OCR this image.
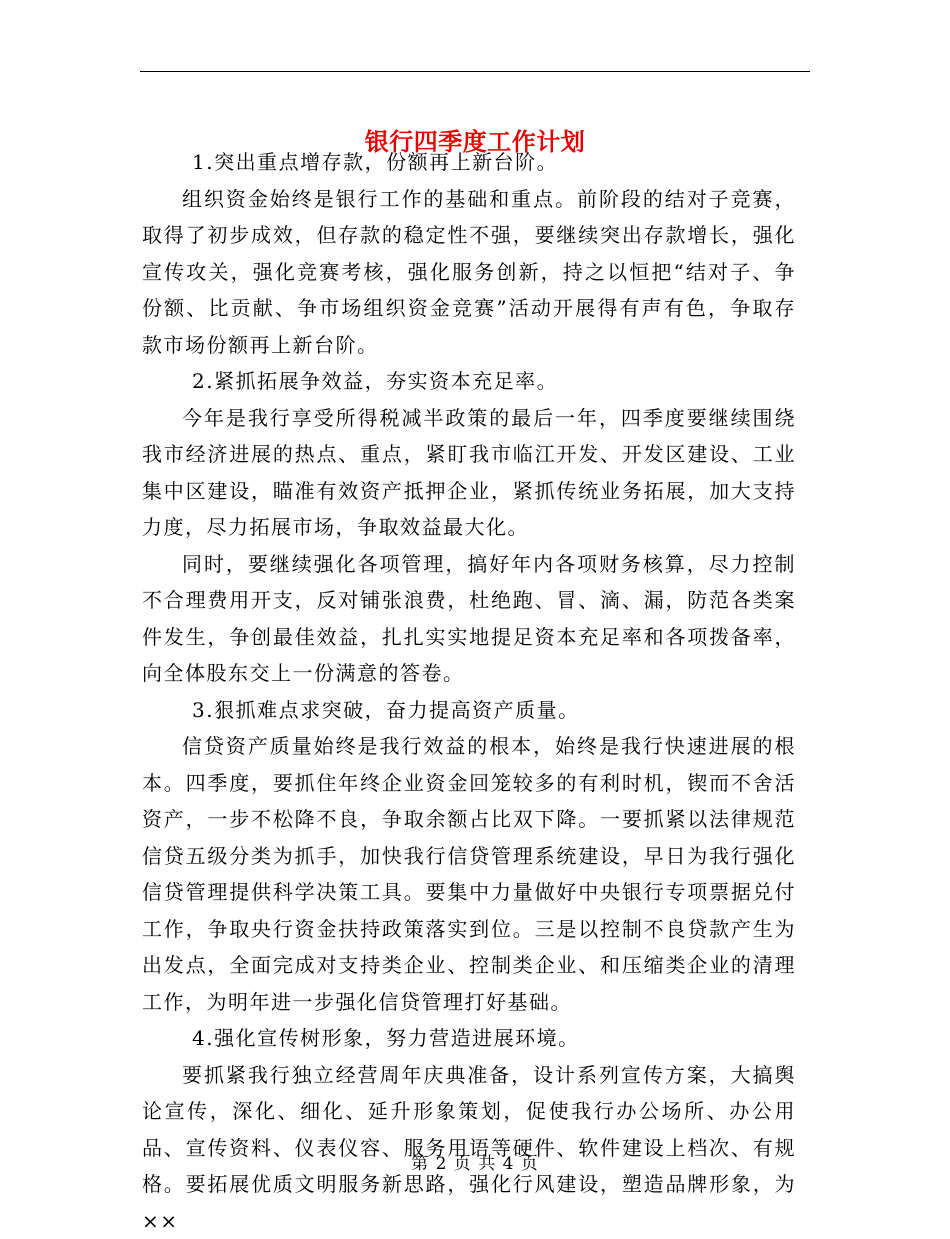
银行四季度工作计划

1.突出重点增存款，份额再上新台阶。

组织资金始终是银行工作的基础和重点。前阶段的结对子竞赛，取得了初步成效，但存款的稳定性不强，要继续突出存款增长，强化宣传攻关，强化竞赛考核，强化服务创新，持之以恒把“结对子、争份额、比贡献、争市场组织资金竞赛”活动开展得有声有色，争取存款市场份额再上新台阶。

2.紧抓拓展争效益，夯实资本充足率。

今年是我行享受所得税减半政策的最后一年，四季度要继续围绕我市经济进展的热点、重点，紧盯我市临江开发、开发区建设、工业集中区建设，瞄准有效资产抵押企业，紧抓传统业务拓展，加大支持力度，尽力拓展市场，争取效益最大化。

同时，要继续强化各项管理，搞好年内各项财务核算，尽力控制不合理费用开支，反对铺张浪费，杜绝跑、冒、滴、漏，防范各类案件发生，争创最佳效益，扎扎实实地提足资本充足率和各项拨备率，向全体股东交上一份满意的答卷。

3.狠抓难点求突破，奋力提高资产质量。

信贷资产质量始终是我行效益的根本，始终是我行快速进展的根本。四季度，要抓住年终企业资金回笼较多的有利时机，锲而不舍活资产，一步不松降不良，争取余额占比双下降。一要抓紧以法律规范信贷五级分类为抓手，加快我行信贷管理系统建设，早日为我行强化信贷管理提供科学决策工具。要集中力量做好中央银行专项票据兑付工作，争取央行资金扶持政策落实到位。三是以控制不良贷款产生为出发点，全面完成对支持类企业、控制类企业、和压缩类企业的清理工作，为明年进一步强化信贷管理打好基础。

4.强化宣传树形象，努力营造进展环境。

要抓紧我行独立经营周年庆典准备，设计系列宣传方案，大搞舆论宣传，深化、细化、延升形象策划，促使我行办公场所、办公用品、宣传资料、仪表仪容、服务用语等硬件、软件建设上档次、有规格。要拓展优质文明服务新思路，强化行风建设，塑造品牌形象，为××

第 2 页 共 4 页
